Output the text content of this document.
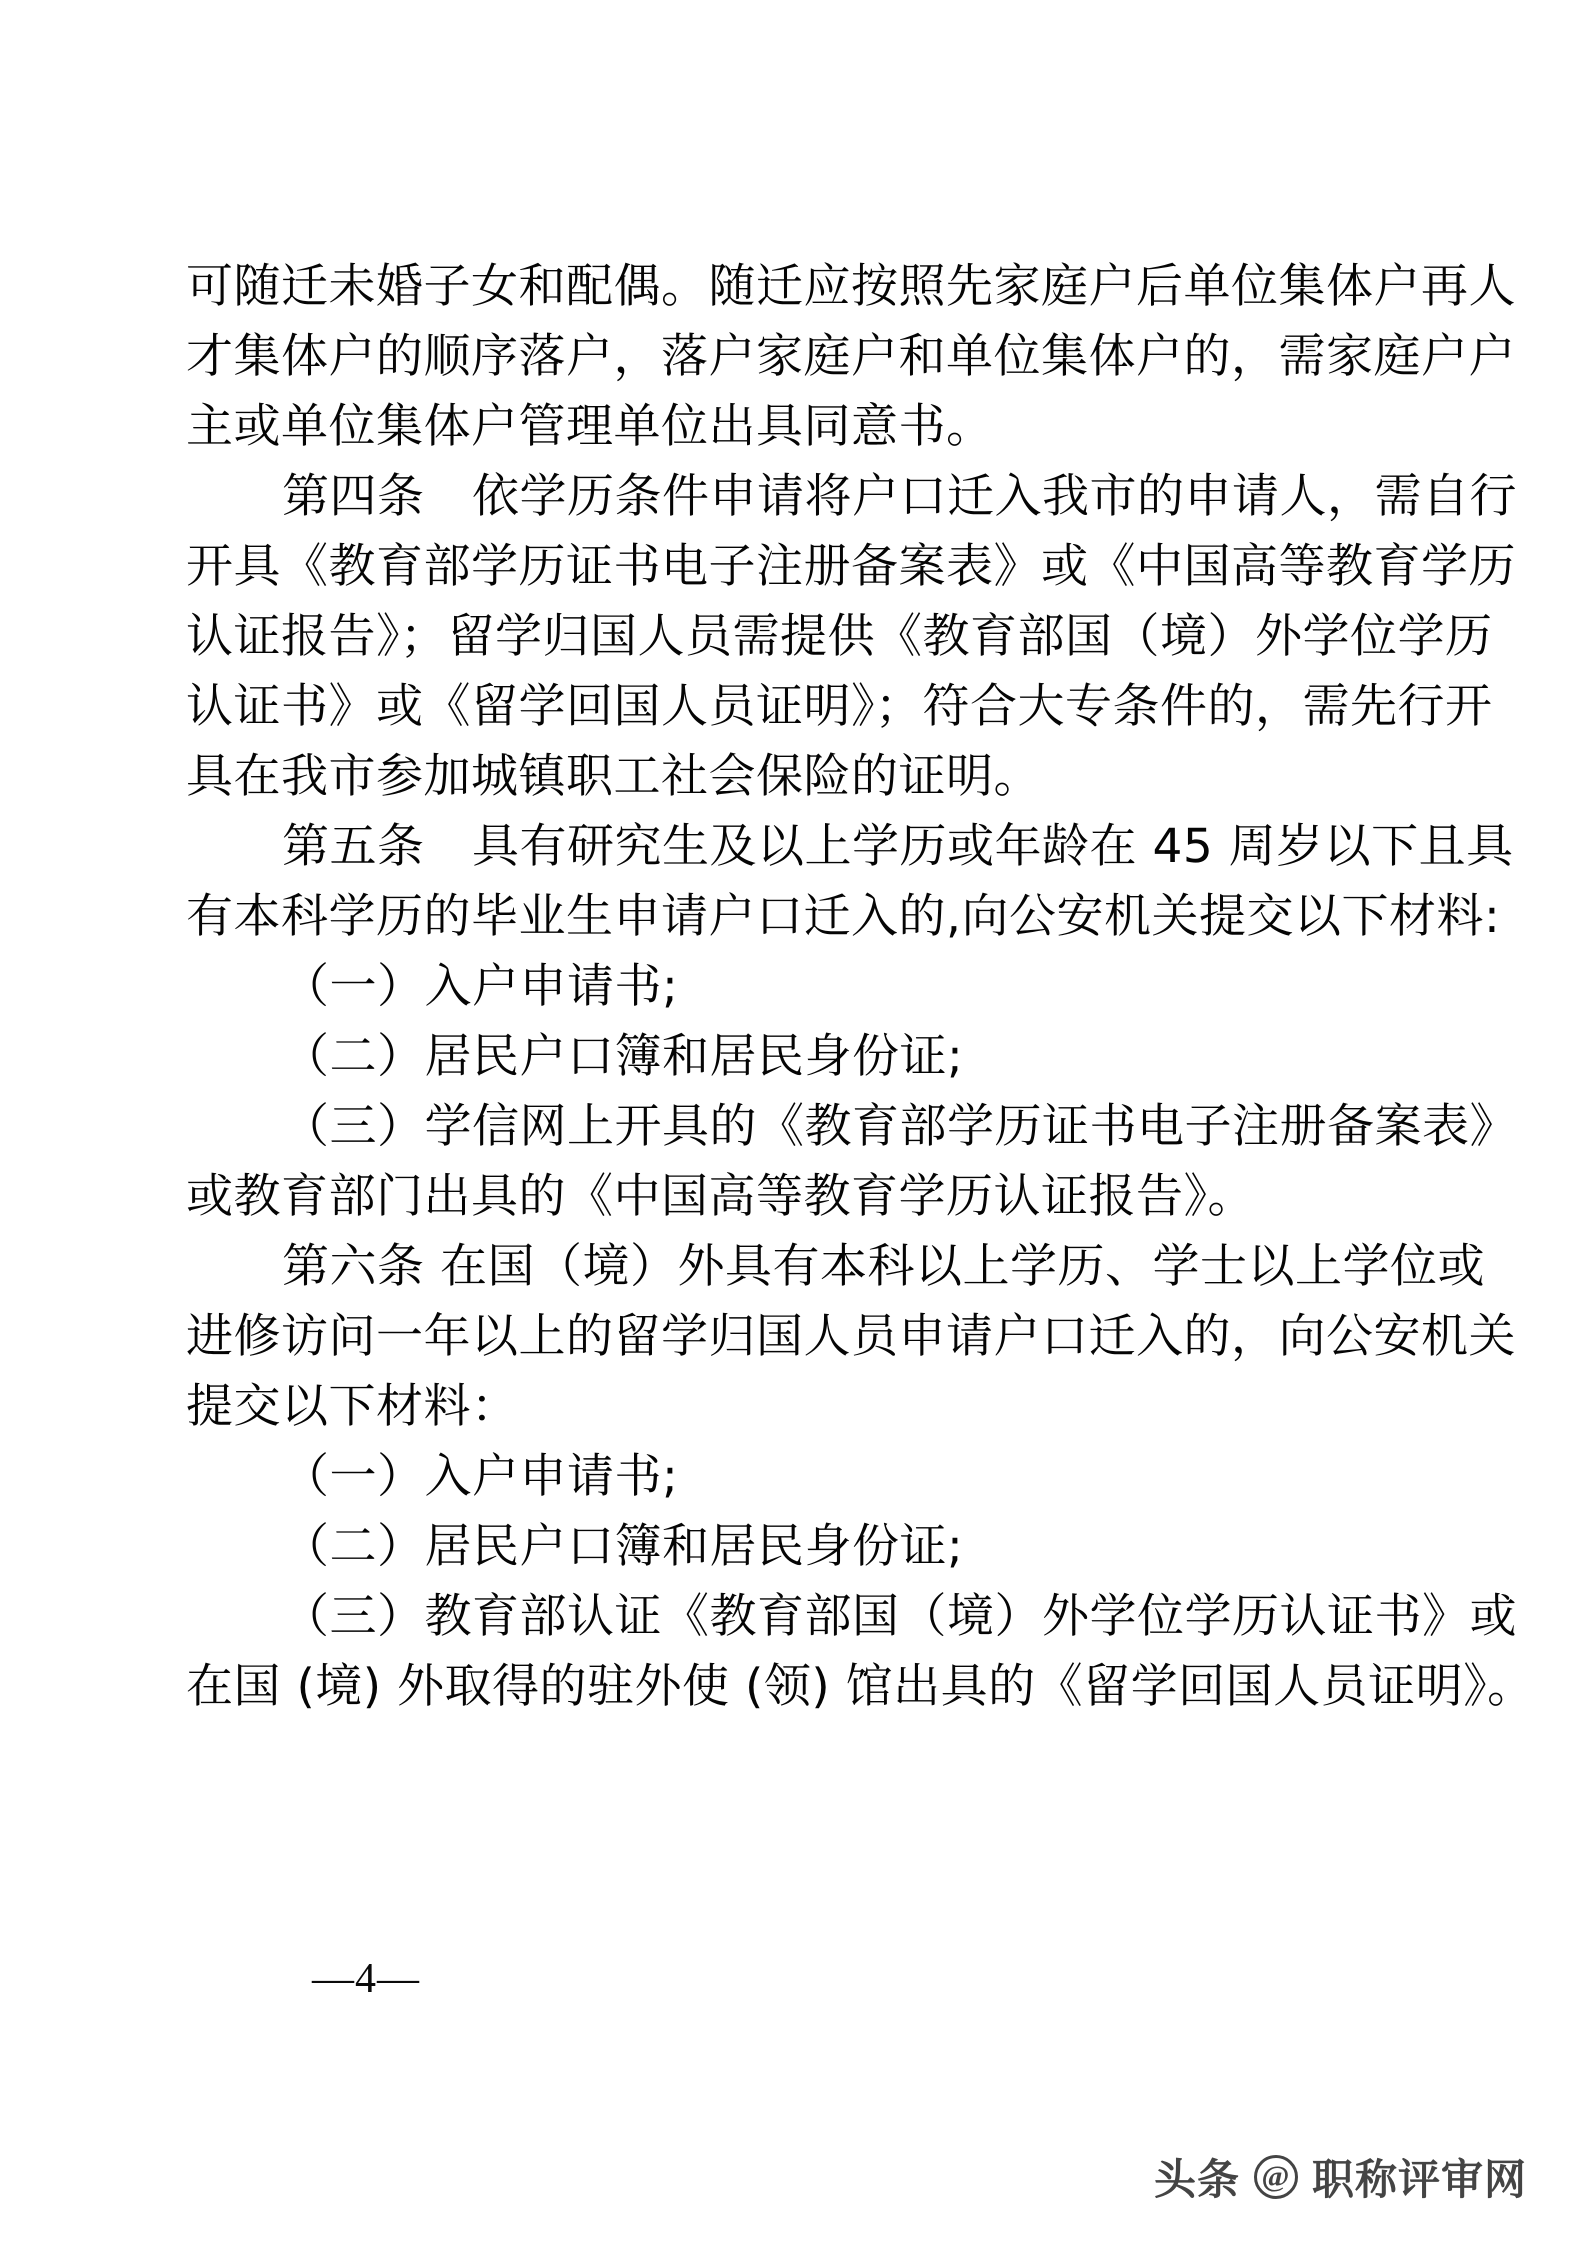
可随迁未婚子女和配偶。随迁应按照先家庭户后单位集体户再人
才集体户的顺序落户，落户家庭户和单位集体户的，需家庭户户
主或单位集体户管理单位出具同意书。
第四条　依学历条件申请将户口迁入我市的申请人，需自行
开具《教育部学历证书电子注册备案表》或《中国高等教育学历
认证报告》；留学归国人员需提供《教育部国（境）外学位学历
认证书》或《留学回国人员证明》；符合大专条件的，需先行开
具在我市参加城镇职工社会保险的证明。
第五条　具有研究生及以上学历或年龄在 45 周岁以下且具
有本科学历的毕业生申请户口迁入的,向公安机关提交以下材料:
（一）入户申请书;
（二）居民户口簿和居民身份证;
（三）学信网上开具的《教育部学历证书电子注册备案表》
或教育部门出具的《中国高等教育学历认证报告》。
第六条 在国（境）外具有本科以上学历、学士以上学位或
进修访问一年以上的留学归国人员申请户口迁入的，向公安机关
提交以下材料：
（一）入户申请书;
（二）居民户口簿和居民身份证;
（三）教育部认证《教育部国（境）外学位学历认证书》或
在国 (境) 外取得的驻外使 (领) 馆出具的《留学回国人员证明》。
—4—
头条 @ 职称评审网
